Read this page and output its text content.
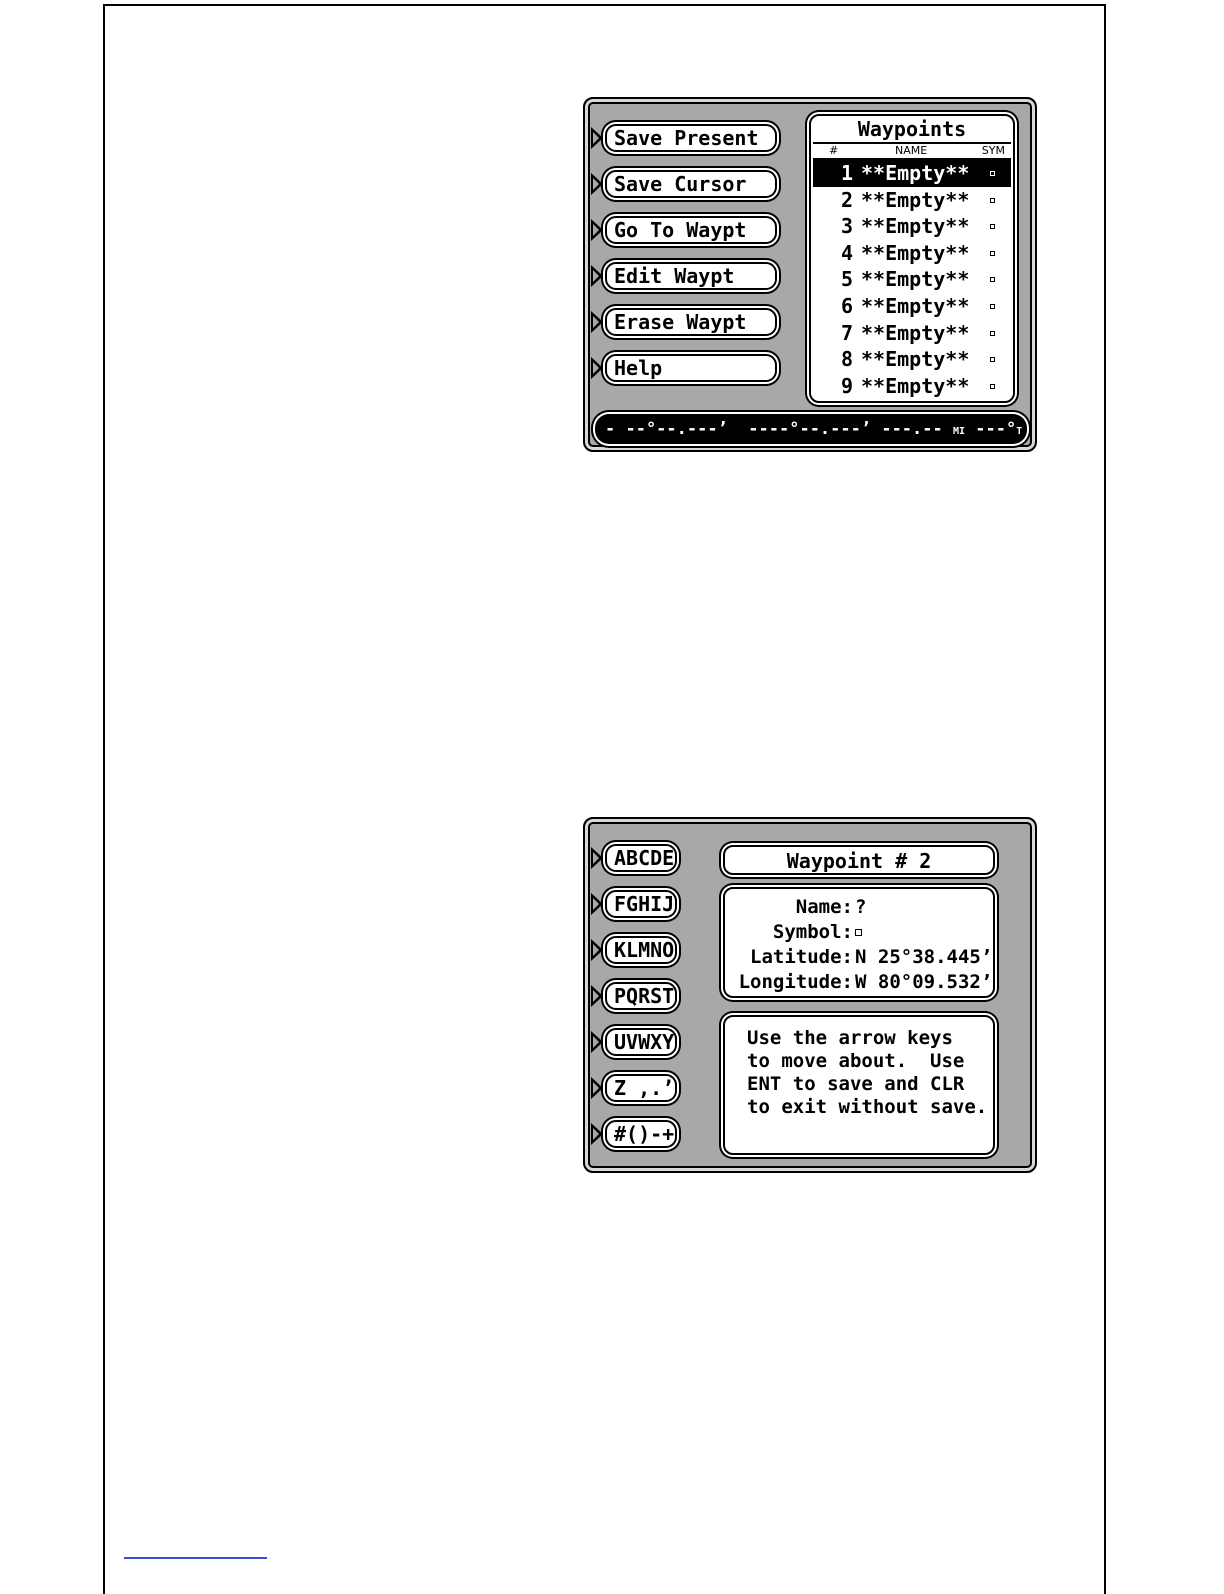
Save Present
Save Cursor
Go To Waypt
Edit Waypt
Erase Waypt
Help
Waypoints
#	NAME	SYM
1 **Empty**
2 **Empty**
3 **Empty**
4 **Empty**
5 **Empty**
6 **Empty**
7 **Empty**
8 **Empty**
9 **Empty**
- --°--.---’  ----°--.---’ ---.-- MI ---°T
ABCDE
FGHIJ
KLMNO
PQRST
UVWXY
Z ,.’
#()-+
Waypoint # 2
Name: ?
Symbol:
Latitude: N 25°38.445’
Longitude: W 80°09.532’
Use the arrow keys
to move about.  Use
ENT to save and CLR
to exit without save.
